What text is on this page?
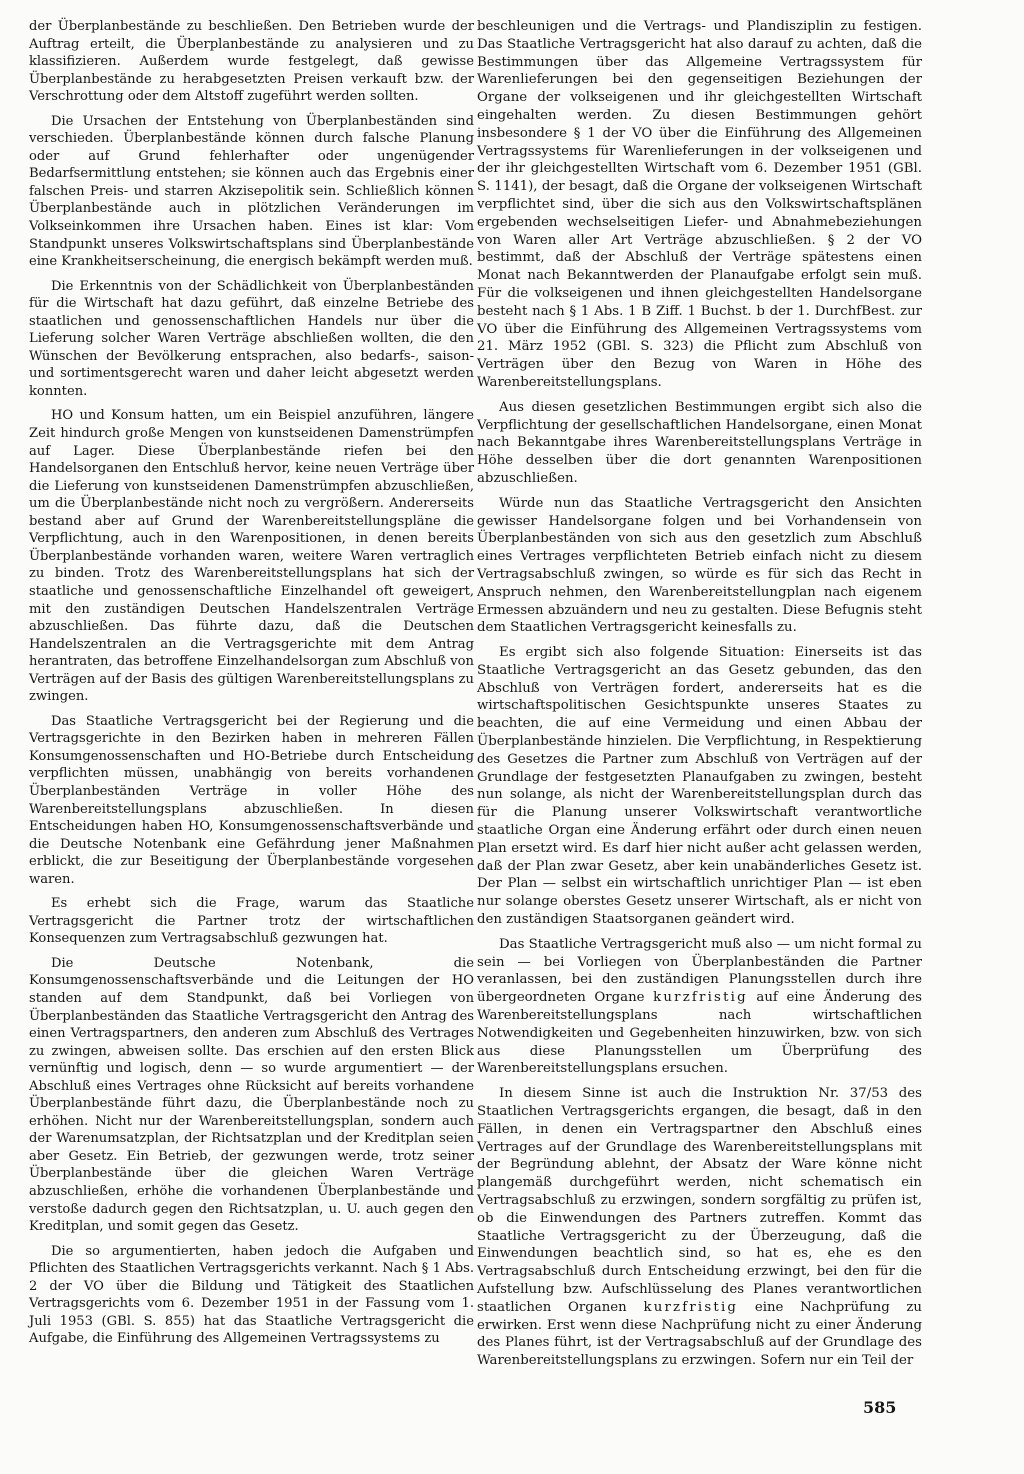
der Überplanbestände zu beschließen. Den Betrieben wurde der Auftrag erteilt, die Überplanbestände zu analysieren und zu klassifizieren. Außerdem wurde festgelegt, daß gewisse Überplanbestände zu herabgesetzten Preisen verkauft bzw. der Verschrottung oder dem Altstoff zugeführt werden sollten.

Die Ursachen der Entstehung von Überplanbeständen sind verschieden. Überplanbestände können durch falsche Planung oder auf Grund fehlerhafter oder ungenügender Bedarfsermittlung entstehen; sie können auch das Ergebnis einer falschen Preis- und starren Akzisepolitik sein. Schließlich können Überplanbestände auch in plötzlichen Veränderungen im Volkseinkommen ihre Ursachen haben. Eines ist klar: Vom Standpunkt unseres Volkswirtschaftsplans sind Überplanbestände eine Krankheitserscheinung, die energisch bekämpft werden muß.

Die Erkenntnis von der Schädlichkeit von Überplanbeständen für die Wirtschaft hat dazu geführt, daß einzelne Betriebe des staatlichen und genossenschaftlichen Handels nur über die Lieferung solcher Waren Verträge abschließen wollten, die den Wünschen der Bevölkerung entsprachen, also bedarfs-, saison- und sortimentsgerecht waren und daher leicht abgesetzt werden konnten.

HO und Konsum hatten, um ein Beispiel anzuführen, längere Zeit hindurch große Mengen von kunstseidenen Damenstrümpfen auf Lager. Diese Überplanbestände riefen bei den Handelsorganen den Entschluß hervor, keine neuen Verträge über die Lieferung von kunstseidenen Damenstrümpfen abzuschließen, um die Überplanbestände nicht noch zu vergrößern. Andererseits bestand aber auf Grund der Warenbereitstellungspläne die Verpflichtung, auch in den Warenpositionen, in denen bereits Überplanbestände vorhanden waren, weitere Waren vertraglich zu binden. Trotz des Warenbereitstellungsplans hat sich der staatliche und genossenschaftliche Einzelhandel oft geweigert, mit den zuständigen Deutschen Handelszentralen Verträge abzuschließen. Das führte dazu, daß die Deutschen Handelszentralen an die Vertragsgerichte mit dem Antrag herantraten, das betroffene Einzelhandelsorgan zum Abschluß von Verträgen auf der Basis des gültigen Warenbereitstellungsplans zu zwingen.

Das Staatliche Vertragsgericht bei der Regierung und die Vertragsgerichte in den Bezirken haben in mehreren Fällen Konsumgenossenschaften und HO-Betriebe durch Entscheidung verpflichten müssen, unabhängig von bereits vorhandenen Überplanbeständen Verträge in voller Höhe des Warenbereitstellungsplans abzuschließen. In diesen Entscheidungen haben HO, Konsumgenossenschaftsverbände und die Deutsche Notenbank eine Gefährdung jener Maßnahmen erblickt, die zur Beseitigung der Überplanbestände vorgesehen waren.

Es erhebt sich die Frage, warum das Staatliche Vertragsgericht die Partner trotz der wirtschaftlichen Konsequenzen zum Vertragsabschluß gezwungen hat.

Die Deutsche Notenbank, die Konsumgenossenschaftsverbände und die Leitungen der HO standen auf dem Standpunkt, daß bei Vorliegen von Überplanbeständen das Staatliche Vertragsgericht den Antrag des einen Vertragspartners, den anderen zum Abschluß des Vertrages zu zwingen, abweisen sollte. Das erschien auf den ersten Blick vernünftig und logisch, denn — so wurde argumentiert — der Abschluß eines Vertrages ohne Rücksicht auf bereits vorhandene Überplanbestände führt dazu, die Überplanbestände noch zu erhöhen. Nicht nur der Warenbereitstellungsplan, sondern auch der Warenumsatzplan, der Richtsatzplan und der Kreditplan seien aber Gesetz. Ein Betrieb, der gezwungen werde, trotz seiner Überplanbestände über die gleichen Waren Verträge abzuschließen, erhöhe die vorhandenen Überplanbestände und verstoße dadurch gegen den Richtsatzplan, u. U. auch gegen den Kreditplan, und somit gegen das Gesetz.

Die so argumentierten, haben jedoch die Aufgaben und Pflichten des Staatlichen Vertragsgerichts verkannt. Nach § 1 Abs. 2 der VO über die Bildung und Tätigkeit des Staatlichen Vertragsgerichts vom 6. Dezember 1951 in der Fassung vom 1. Juli 1953 (GBl. S. 855) hat das Staatliche Vertragsgericht die Aufgabe, die Einführung des Allgemeinen Vertragssystems zu

beschleunigen und die Vertrags- und Plandisziplin zu festigen. Das Staatliche Vertragsgericht hat also darauf zu achten, daß die Bestimmungen über das Allgemeine Vertragssystem für Warenlieferungen bei den gegenseitigen Beziehungen der Organe der volkseigenen und ihr gleichgestellten Wirtschaft eingehalten werden. Zu diesen Bestimmungen gehört insbesondere § 1 der VO über die Einführung des Allgemeinen Vertragssystems für Warenlieferungen in der volkseigenen und der ihr gleichgestellten Wirtschaft vom 6. Dezember 1951 (GBl. S. 1141), der besagt, daß die Organe der volkseigenen Wirtschaft verpflichtet sind, über die sich aus den Volkswirtschaftsplänen ergebenden wechselseitigen Liefer- und Abnahmebeziehungen von Waren aller Art Verträge abzuschließen. § 2 der VO bestimmt, daß der Abschluß der Verträge spätestens einen Monat nach Bekanntwerden der Planaufgabe erfolgt sein muß. Für die volkseigenen und ihnen gleichgestellten Handelsorgane besteht nach § 1 Abs. 1 B Ziff. 1 Buchst. b der 1. DurchfBest. zur VO über die Einführung des Allgemeinen Vertragssystems vom 21. März 1952 (GBl. S. 323) die Pflicht zum Abschluß von Verträgen über den Bezug von Waren in Höhe des Warenbereitstellungsplans.

Aus diesen gesetzlichen Bestimmungen ergibt sich also die Verpflichtung der gesellschaftlichen Handelsorgane, einen Monat nach Bekanntgabe ihres Warenbereitstellungsplans Verträge in Höhe desselben über die dort genannten Warenpositionen abzuschließen.

Würde nun das Staatliche Vertragsgericht den Ansichten gewisser Handelsorgane folgen und bei Vorhandensein von Überplanbeständen von sich aus den gesetzlich zum Abschluß eines Vertrages verpflichteten Betrieb einfach nicht zu diesem Vertragsabschluß zwingen, so würde es für sich das Recht in Anspruch nehmen, den Warenbereitstellungplan nach eigenem Ermessen abzuändern und neu zu gestalten. Diese Befugnis steht dem Staatlichen Vertragsgericht keinesfalls zu.

Es ergibt sich also folgende Situation: Einerseits ist das Staatliche Vertragsgericht an das Gesetz gebunden, das den Abschluß von Verträgen fordert, andererseits hat es die wirtschaftspolitischen Gesichtspunkte unseres Staates zu beachten, die auf eine Vermeidung und einen Abbau der Überplanbestände hinzielen. Die Verpflichtung, in Respektierung des Gesetzes die Partner zum Abschluß von Verträgen auf der Grundlage der festgesetzten Planaufgaben zu zwingen, besteht nun solange, als nicht der Warenbereitstellungsplan durch das für die Planung unserer Volkswirtschaft verantwortliche staatliche Organ eine Änderung erfährt oder durch einen neuen Plan ersetzt wird. Es darf hier nicht außer acht gelassen werden, daß der Plan zwar Gesetz, aber kein unabänderliches Gesetz ist. Der Plan — selbst ein wirtschaftlich unrichtiger Plan — ist eben nur solange oberstes Gesetz unserer Wirtschaft, als er nicht von den zuständigen Staatsorganen geändert wird.

Das Staatliche Vertragsgericht muß also — um nicht formal zu sein — bei Vorliegen von Überplanbeständen die Partner veranlassen, bei den zuständigen Planungsstellen durch ihre übergeordneten Organe kurzfristig auf eine Änderung des Warenbereitstellungsplans nach wirtschaftlichen Notwendigkeiten und Gegebenheiten hinzuwirken, bzw. von sich aus diese Planungsstellen um Überprüfung des Warenbereitstellungsplans ersuchen.

In diesem Sinne ist auch die Instruktion Nr. 37/53 des Staatlichen Vertragsgerichts ergangen, die besagt, daß in den Fällen, in denen ein Vertragspartner den Abschluß eines Vertrages auf der Grundlage des Warenbereitstellungsplans mit der Begründung ablehnt, der Absatz der Ware könne nicht plangemäß durchgeführt werden, nicht schematisch ein Vertragsabschluß zu erzwingen, sondern sorgfältig zu prüfen ist, ob die Einwendungen des Partners zutreffen. Kommt das Staatliche Vertragsgericht zu der Überzeugung, daß die Einwendungen beachtlich sind, so hat es, ehe es den Vertragsabschluß durch Entscheidung erzwingt, bei den für die Aufstellung bzw. Aufschlüsselung des Planes verantwortlichen staatlichen Organen kurzfristig eine Nachprüfung zu erwirken. Erst wenn diese Nachprüfung nicht zu einer Änderung des Planes führt, ist der Vertragsabschluß auf der Grundlage des Warenbereitstellungsplans zu erzwingen. Sofern nur ein Teil der

585
